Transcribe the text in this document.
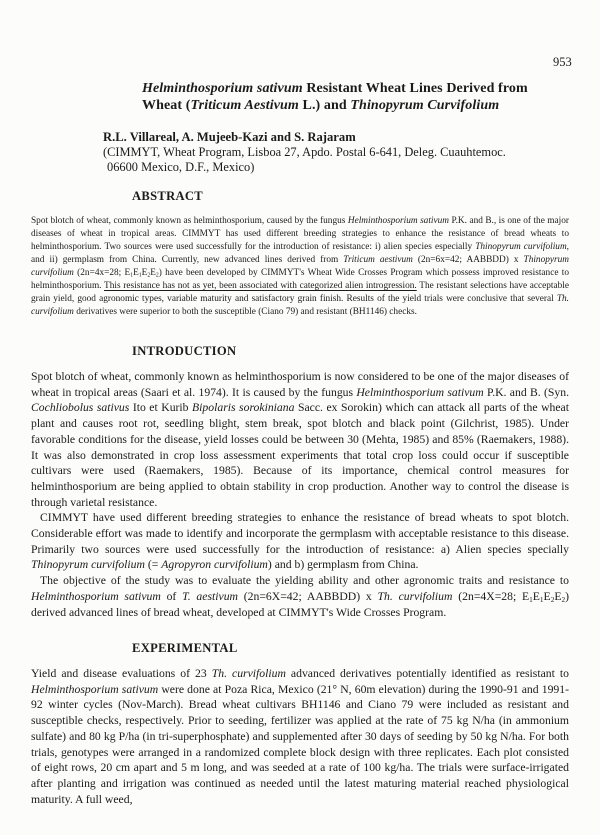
953
Helminthosporium sativum Resistant Wheat Lines Derived from
Wheat (Triticum Aestivum L.) and Thinopyrum Curvifolium
R.L. Villareal, A. Mujeeb-Kazi and S. Rajaram
(CIMMYT, Wheat Program, Lisboa 27, Apdo. Postal 6-641, Deleg. Cuauhtemoc.
06600 Mexico, D.F., Mexico)
ABSTRACT
Spot blotch of wheat, commonly known as helminthosporium, caused by the fungus Helminthosporium sativum P.K. and B., is one of the major diseases of wheat in tropical areas. CIMMYT has used different breeding strategies to enhance the resistance of bread wheats to helminthosporium. Two sources were used successfully for the introduction of resistance: i) alien species especially Thinopyrum curvifolium, and ii) germplasm from China. Currently, new advanced lines derived from Triticum aestivum (2n=6x=42; AABBDD) x Thinopyrum curvifolium (2n=4x=28; $E_1E_1E_2E_2$) have been developed by CIMMYT's Wheat Wide Crosses Program which possess improved resistance to helminthosporium. This resistance has not as yet, been associated with categorized alien introgression. The resistant selections have acceptable grain yield, good agronomic types, variable maturity and satisfactory grain finish. Results of the yield trials were conclusive that several Th. curvifolium derivatives were superior to both the susceptible (Ciano 79) and resistant (BH1146) checks.
INTRODUCTION

Spot blotch of wheat, commonly known as helminthosporium is now considered to be one of the major diseases of wheat in tropical areas (Saari et al. 1974). It is caused by the fungus Helminthosporium sativum P.K. and B. (Syn. Cochliobolus sativus Ito et Kurib Bipolaris sorokiniana Sacc. ex Sorokin) which can attack all parts of the wheat plant and causes root rot, seedling blight, stem break, spot blotch and black point (Gilchrist, 1985). Under favorable conditions for the disease, yield losses could be between 30 (Mehta, 1985) and 85% (Raemakers, 1988). It was also demonstrated in crop loss assessment experiments that total crop loss could occur if susceptible cultivars were used (Raemakers, 1985). Because of its importance, chemical control measures for helminthosporium are being applied to obtain stability in crop production. Another way to control the disease is through varietal resistance.

CIMMYT have used different breeding strategies to enhance the resistance of bread wheats to spot blotch. Considerable effort was made to identify and incorporate the germplasm with acceptable resistance to this disease. Primarily two sources were used successfully for the introduction of resistance: a) Alien species specially Thinopyrum curvifolium (= Agropyron curvifolium) and b) germplasm from China.

The objective of the study was to evaluate the yielding ability and other agronomic traits and resistance to Helminthosporium sativum of T. aestivum (2n=6X=42; AABBDD) x Th. curvifolium (2n=4X=28; $E_1E_1E_2E_2$) derived advanced lines of bread wheat, developed at CIMMYT's Wide Crosses Program.

EXPERIMENTAL

Yield and disease evaluations of 23 Th. curvifolium advanced derivatives potentially identified as resistant to Helminthosporium sativum were done at Poza Rica, Mexico (21° N, 60m elevation) during the 1990-91 and 1991-92 winter cycles (Nov-March). Bread wheat cultivars BH1146 and Ciano 79 were included as resistant and susceptible checks, respectively. Prior to seeding, fertilizer was applied at the rate of 75 kg N/ha (in ammonium sulfate) and 80 kg P/ha (in tri-superphosphate) and supplemented after 30 days of seeding by 50 kg N/ha. For both trials, genotypes were arranged in a randomized complete block design with three replicates. Each plot consisted of eight rows, 20 cm apart and 5 m long, and was seeded at a rate of 100 kg/ha. The trials were surface-irrigated after planting and irrigation was continued as needed until the latest maturing material reached physiological maturity. A full weed,
